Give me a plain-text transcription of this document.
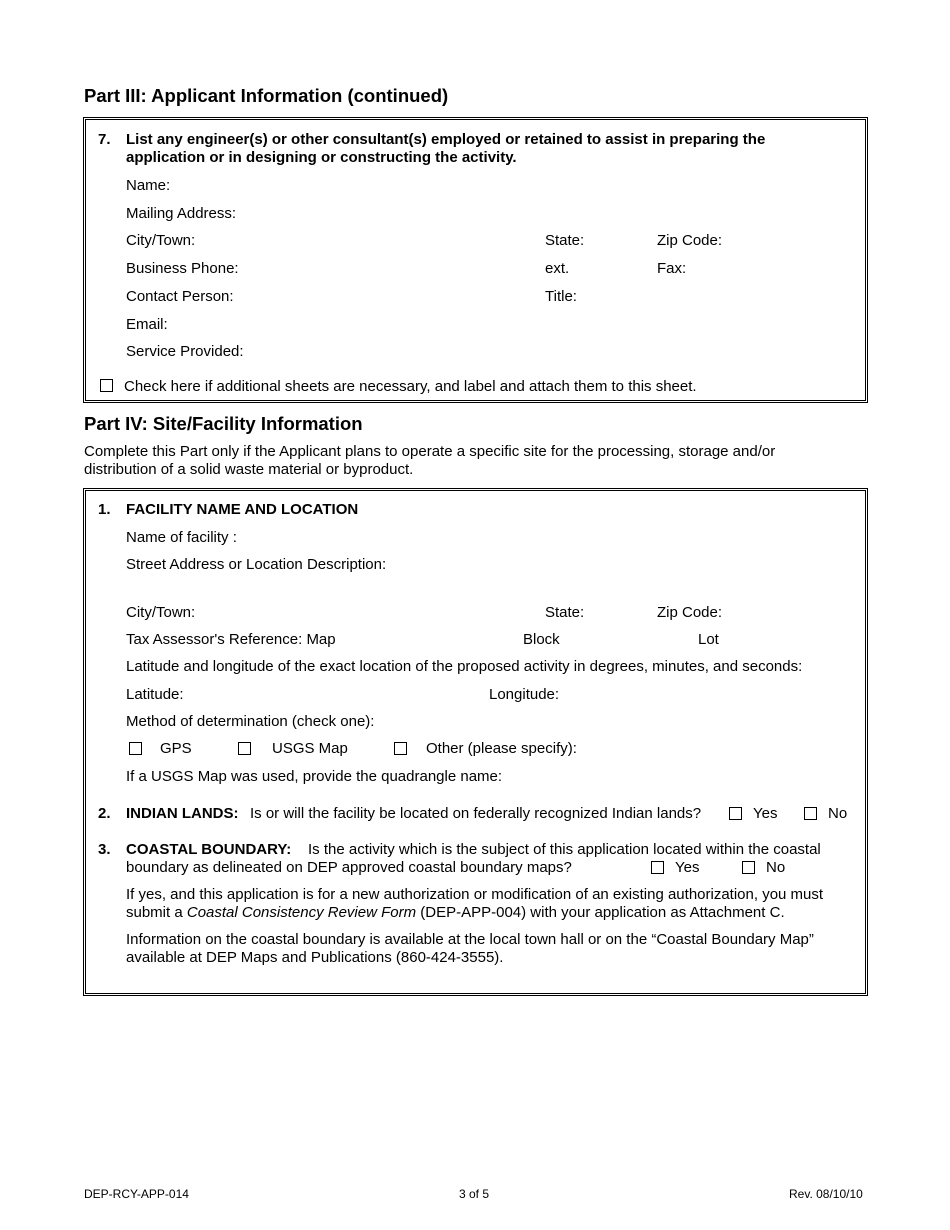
Part III: Applicant Information (continued)
7. List any engineer(s) or other consultant(s) employed or retained to assist in preparing the
application or in designing or constructing the activity.
Name:
Mailing Address:
City/Town:	State:	Zip Code:
Business Phone:	ext.	Fax:
Contact Person:	Title:
Email:
Service Provided:
Check here if additional sheets are necessary, and label and attach them to this sheet.
Part IV: Site/Facility Information
Complete this Part only if the Applicant plans to operate a specific site for the processing, storage and/or
distribution of a solid waste material or byproduct.
1. FACILITY NAME AND LOCATION
Name of facility :
Street Address or Location Description:
City/Town:	State:	Zip Code:
Tax Assessor's Reference: Map	Block	Lot
Latitude and longitude of the exact location of the proposed activity in degrees, minutes, and seconds:
Latitude:	Longitude:
Method of determination (check one):
GPS	USGS Map	Other (please specify):
If a USGS Map was used, provide the quadrangle name:
2. INDIAN LANDS: Is or will the facility be located on federally recognized Indian lands?	Yes	No
3. COASTAL BOUNDARY: Is the activity which is the subject of this application located within the coastal
boundary as delineated on DEP approved coastal boundary maps?	Yes	No
If yes, and this application is for a new authorization or modification of an existing authorization, you must
submit a Coastal Consistency Review Form (DEP-APP-004) with your application as Attachment C.
Information on the coastal boundary is available at the local town hall or on the “Coastal Boundary Map”
available at DEP Maps and Publications (860-424-3555).
DEP-RCY-APP-014	3 of 5	Rev. 08/10/10
